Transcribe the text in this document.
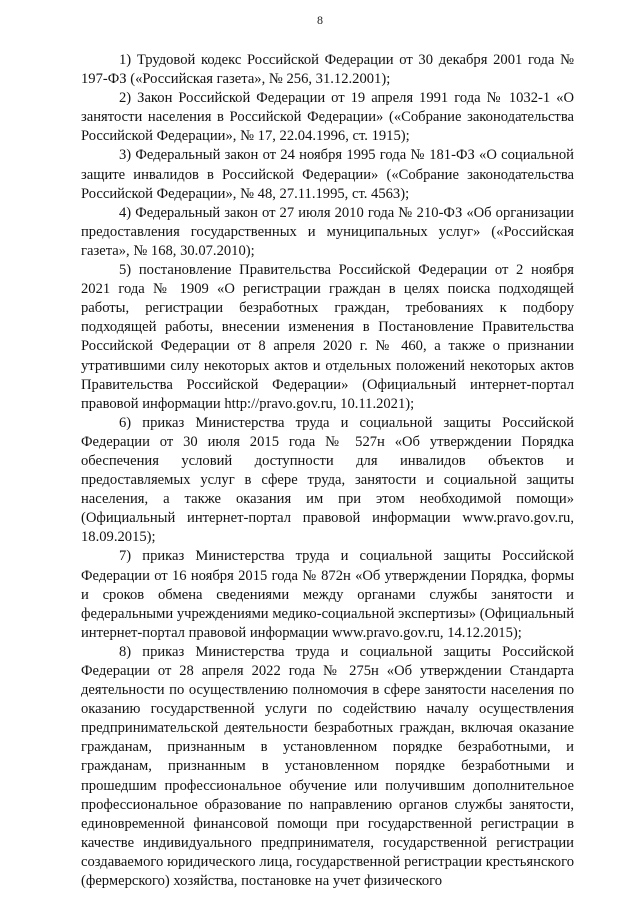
8

1) Трудовой кодекс Российской Федерации от 30 декабря 2001 года № 197-ФЗ («Российская газета», № 256, 31.12.2001);

2) Закон Российской Федерации от 19 апреля 1991 года № 1032-1 «О занятости населения в Российской Федерации» («Собрание законодательства Российской Федерации», № 17, 22.04.1996, ст. 1915);

3) Федеральный закон от 24 ноября 1995 года № 181-ФЗ «О социальной защите инвалидов в Российской Федерации» («Собрание законодательства Российской Федерации», № 48, 27.11.1995, ст. 4563);

4) Федеральный закон от 27 июля 2010 года № 210-ФЗ «Об организации предоставления государственных и муниципальных услуг» («Российская газета», № 168, 30.07.2010);

5) постановление Правительства Российской Федерации от 2 ноября 2021 года № 1909 «О регистрации граждан в целях поиска подходящей работы, регистрации безработных граждан, требованиях к подбору подходящей работы, внесении изменения в Постановление Правительства Российской Федерации от 8 апреля 2020 г. № 460, а также о признании утратившими силу некоторых актов и отдельных положений некоторых актов Правительства Российской Федерации» (Официальный интернет-портал правовой информации http://pravo.gov.ru, 10.11.2021);

6) приказ Министерства труда и социальной защиты Российской Федерации от 30 июля 2015 года № 527н «Об утверждении Порядка обеспечения условий доступности для инвалидов объектов и предоставляемых услуг в сфере труда, занятости и социальной защиты населения, а также оказания им при этом необходимой помощи» (Официальный интернет-портал правовой информации www.pravo.gov.ru, 18.09.2015);

7) приказ Министерства труда и социальной защиты Российской Федерации от 16 ноября 2015 года № 872н «Об утверждении Порядка, формы и сроков обмена сведениями между органами службы занятости и федеральными учреждениями медико-социальной экспертизы» (Официальный интернет-портал правовой информации www.pravo.gov.ru, 14.12.2015);

8) приказ Министерства труда и социальной защиты Российской Федерации от 28 апреля 2022 года № 275н «Об утверждении Стандарта деятельности по осуществлению полномочия в сфере занятости населения по оказанию государственной услуги по содействию началу осуществления предпринимательской деятельности безработных граждан, включая оказание гражданам, признанным в установленном порядке безработными, и гражданам, признанным в установленном порядке безработными и прошедшим профессиональное обучение или получившим дополнительное профессиональное образование по направлению органов службы занятости, единовременной финансовой помощи при государственной регистрации в качестве индивидуального предпринимателя, государственной регистрации создаваемого юридического лица, государственной регистрации крестьянского (фермерского) хозяйства, постановке на учет физического
